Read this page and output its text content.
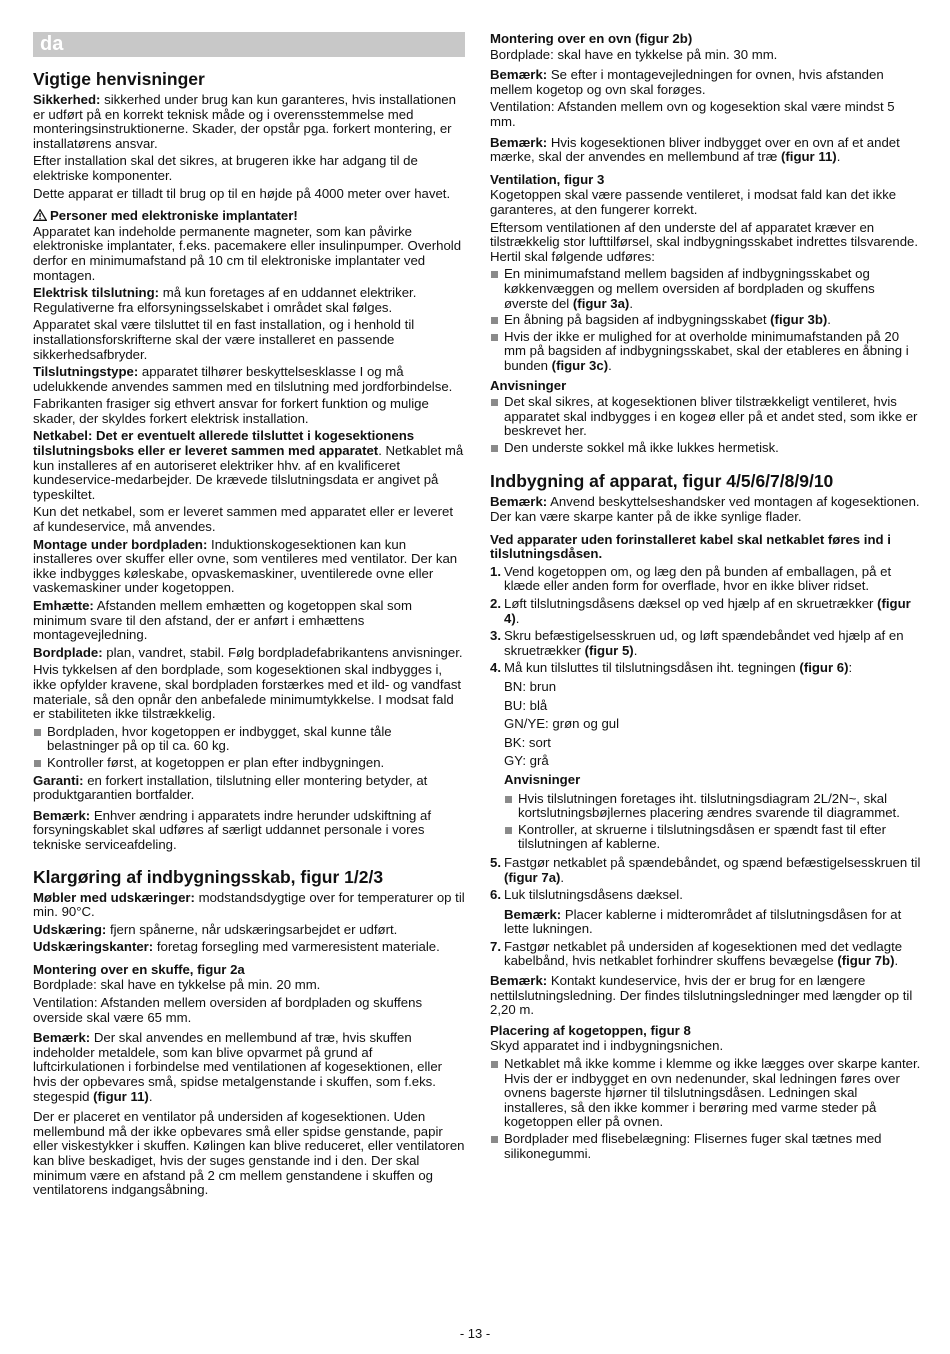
da
Vigtige henvisninger

Sikkerhed: sikkerhed under brug kan kun garanteres, hvis installationen er udført på en korrekt teknisk måde og i overensstemmelse med monteringsinstruktionerne. Skader, der opstår pga. forkert montering, er installatørens ansvar.

Efter installation skal det sikres, at brugeren ikke har adgang til de elektriske komponenter.

Dette apparat er tilladt til brug op til en højde på 4000 meter over havet.

Personer med elektroniske implantater!

Apparatet kan indeholde permanente magneter, som kan påvirke elektroniske implantater, f.eks. pacemakere eller insulinpumper. Overhold derfor en minimumafstand på 10 cm til elektroniske implantater ved montagen.

Elektrisk tilslutning: må kun foretages af en uddannet elektriker. Regulativerne fra elforsyningsselskabet i området skal følges.

Apparatet skal være tilsluttet til en fast installation, og i henhold til installationsforskrifterne skal der være installeret en passende sikkerhedsafbryder.

Tilslutningstype: apparatet tilhører beskyttelsesklasse I og må udelukkende anvendes sammen med en tilslutning med jordforbindelse.

Fabrikanten frasiger sig ethvert ansvar for forkert funktion og mulige skader, der skyldes forkert elektrisk installation.

Netkabel: Det er eventuelt allerede tilsluttet i kogesektionens tilslutningsboks eller er leveret sammen med apparatet. Netkablet må kun installeres af en autoriseret elektriker hhv. af en kvalificeret kundeservice-medarbejder. De krævede tilslutningsdata er angivet på typeskiltet.

Kun det netkabel, som er leveret sammen med apparatet eller er leveret af kundeservice, må anvendes.

Montage under bordpladen: Induktionskogesektionen kan kun installeres over skuffer eller ovne, som ventileres med ventilator. Der kan ikke indbygges køleskabe, opvaskemaskiner, uventilerede ovne eller vaskemaskiner under kogetoppen.

Emhætte: Afstanden mellem emhætten og kogetoppen skal som minimum svare til den afstand, der er anført i emhættens montagevejledning.

Bordplade: plan, vandret, stabil. Følg bordpladefabrikantens anvisninger.

Hvis tykkelsen af den bordplade, som kogesektionen skal indbygges i, ikke opfylder kravene, skal bordpladen forstærkes med et ild- og vandfast materiale, så den opnår den anbefalede minimumtykkelse. I modsat fald er stabiliteten ikke tilstrækkelig.

Bordpladen, hvor kogetoppen er indbygget, skal kunne tåle belastninger på op til ca. 60 kg.
Kontroller først, at kogetoppen er plan efter indbygningen.

Garanti: en forkert installation, tilslutning eller montering betyder, at produktgarantien bortfalder.

Bemærk: Enhver ændring i apparatets indre herunder udskiftning af forsyningskablet skal udføres af særligt uddannet personale i vores tekniske serviceafdeling.

Klargøring af indbygningsskab, figur 1/2/3

Møbler med udskæringer: modstandsdygtige over for temperaturer op til min. 90°C.

Udskæring: fjern spånerne, når udskæringsarbejdet er udført.

Udskæringskanter: foretag forsegling med varmeresistent materiale.

Montering over en skuffe, figur 2a

Bordplade: skal have en tykkelse på min. 20 mm.

Ventilation: Afstanden mellem oversiden af bordpladen og skuffens overside skal være 65 mm.

Bemærk: Der skal anvendes en mellembund af træ, hvis skuffen indeholder metaldele, som kan blive opvarmet på grund af luftcirkulationen i forbindelse med ventilationen af kogesektionen, eller hvis der opbevares små, spidse metalgenstande i skuffen, som f.eks. stegespid (figur 11).

Der er placeret en ventilator på undersiden af kogesektionen. Uden mellembund må der ikke opbevares små eller spidse genstande, papir eller viskestykker i skuffen. Kølingen kan blive reduceret, eller ventilatoren kan blive beskadiget, hvis der suges genstande ind i den. Der skal minimum være en afstand på 2 cm mellem genstandene i skuffen og ventilatorens indgangsåbning.

Montering over en ovn (figur 2b)

Bordplade: skal have en tykkelse på min. 30 mm.

Bemærk: Se efter i montagevejledningen for ovnen, hvis afstanden mellem kogetop og ovn skal forøges.

Ventilation: Afstanden mellem ovn og kogesektion skal være mindst 5 mm.

Bemærk: Hvis kogesektionen bliver indbygget over en ovn af et andet mærke, skal der anvendes en mellembund af træ (figur 11).

Ventilation, figur 3

Kogetoppen skal være passende ventileret, i modsat fald kan det ikke garanteres, at den fungerer korrekt.

Eftersom ventilationen af den underste del af apparatet kræver en tilstrækkelig stor lufttilførsel, skal indbygningsskabet indrettes tilsvarende. Hertil skal følgende udføres:

En minimumafstand mellem bagsiden af indbygningsskabet og køkkenvæggen og mellem oversiden af bordpladen og skuffens øverste del (figur 3a).
En åbning på bagsiden af indbygningsskabet (figur 3b).
Hvis der ikke er mulighed for at overholde minimumafstanden på 20 mm på bagsiden af indbygningsskabet, skal der etableres en åbning i bunden (figur 3c).
Anvisninger
Det skal sikres, at kogesektionen bliver tilstrækkeligt ventileret, hvis apparatet skal indbygges i en kogeø eller på et andet sted, som ikke er beskrevet her.
Den underste sokkel må ikke lukkes hermetisk.
Indbygning af apparat, figur 4/5/6/7/8/9/10

Bemærk: Anvend beskyttelseshandsker ved montagen af kogesektionen. Der kan være skarpe kanter på de ikke synlige flader.

Ved apparater uden forinstalleret kabel skal netkablet føres ind i tilslutningsdåsen.
1. Vend kogetoppen om, og læg den på bunden af emballagen, på et klæde eller anden form for overflade, hvor en ikke bliver ridset.
2. Løft tilslutningsdåsens dæksel op ved hjælp af en skruetrækker (figur 4).
3. Skru befæstigelsesskruen ud, og løft spændebåndet ved hjælp af en skruetrækker (figur 5).
4. Må kun tilsluttes til tilslutningsdåsen iht. tegningen (figur 6):

BN: brun

BU: blå

GN/YE: grøn og gul

BK: sort

GY: grå

Anvisninger
Hvis tilslutningen foretages iht. tilslutningsdiagram 2L/2N~, skal kortslutningsbøjlernes placering ændres svarende til diagrammet.
Kontroller, at skruerne i tilslutningsdåsen er spændt fast til efter tilslutningen af kablerne.
5. Fastgør netkablet på spændebåndet, og spænd befæstigelsesskruen til (figur 7a).
6. Luk tilslutningsdåsens dæksel.

Bemærk: Placer kablerne i midterområdet af tilslutningsdåsen for at lette lukningen.

7. Fastgør netkablet på undersiden af kogesektionen med det vedlagte kabelbånd, hvis netkablet forhindrer skuffens bevægelse (figur 7b).

Bemærk: Kontakt kundeservice, hvis der er brug for en længere nettilslutningsledning. Der findes tilslutningsledninger med længder op til 2,20 m.

Placering af kogetoppen, figur 8

Skyd apparatet ind i indbygningsnichen.

Netkablet må ikke komme i klemme og ikke lægges over skarpe kanter. Hvis der er indbygget en ovn nedenunder, skal ledningen føres over ovnens bagerste hjørner til tilslutningsdåsen. Ledningen skal installeres, så den ikke kommer i berøring med varme steder på kogetoppen eller på ovnen.
Bordplader med flisebelægning: Flisernes fuger skal tætnes med silikonegummi.
- 13 -
